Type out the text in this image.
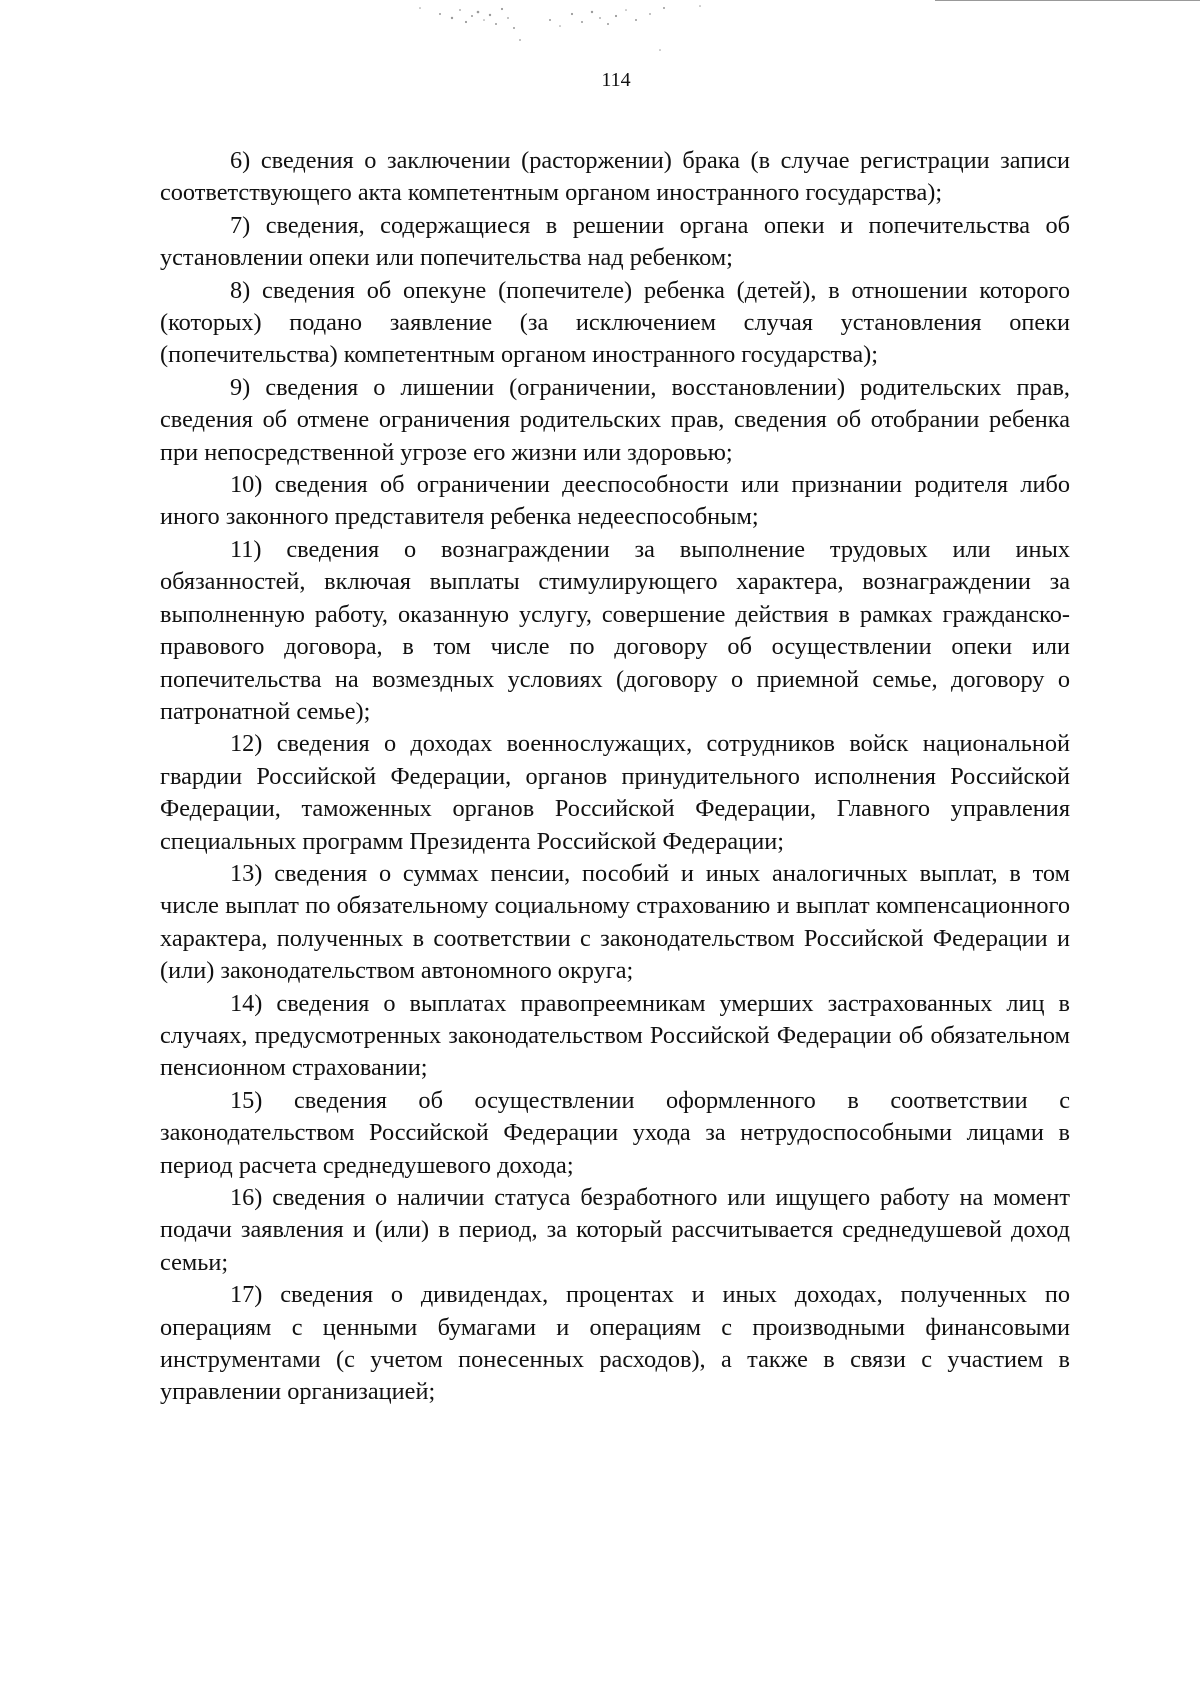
114

6) сведения о заключении (расторжении) брака (в случае регистрации записи соответствующего акта компетентным органом иностранного государства);

7) сведения, содержащиеся в решении органа опеки и попечительства об установлении опеки или попечительства над ребенком;

8) сведения об опекуне (попечителе) ребенка (детей), в отношении которого (которых) подано заявление (за исключением случая установления опеки (попечительства) компетентным органом иностранного государства);

9) сведения о лишении (ограничении, восстановлении) родительских прав, сведения об отмене ограничения родительских прав, сведения об отобрании ребенка при непосредственной угрозе его жизни или здоровью;

10) сведения об ограничении дееспособности или признании родителя либо иного законного представителя ребенка недееспособным;

11) сведения о вознаграждении за выполнение трудовых или иных обязанностей, включая выплаты стимулирующего характера, вознаграждении за выполненную работу, оказанную услугу, совершение действия в рамках гражданско-правового договора, в том числе по договору об осуществлении опеки или попечительства на возмездных условиях (договору о приемной семье, договору о патронатной семье);

12) сведения о доходах военнослужащих, сотрудников войск национальной гвардии Российской Федерации, органов принудительного исполнения Российской Федерации, таможенных органов Российской Федерации, Главного управления специальных программ Президента Российской Федерации;

13) сведения о суммах пенсии, пособий и иных аналогичных выплат, в том числе выплат по обязательному социальному страхованию и выплат компенсационного характера, полученных в соответствии с законодательством Российской Федерации и (или) законодательством автономного округа;

14) сведения о выплатах правопреемникам умерших застрахованных лиц в случаях, предусмотренных законодательством Российской Федерации об обязательном пенсионном страховании;

15) сведения об осуществлении оформленного в соответствии с законодательством Российской Федерации ухода за нетрудоспособными лицами в период расчета среднедушевого дохода;

16) сведения о наличии статуса безработного или ищущего работу на момент подачи заявления и (или) в период, за который рассчитывается среднедушевой доход семьи;

17) сведения о дивидендах, процентах и иных доходах, полученных по операциям с ценными бумагами и операциям с производными финансовыми инструментами (с учетом понесенных расходов), а также в связи с участием в управлении организацией;
